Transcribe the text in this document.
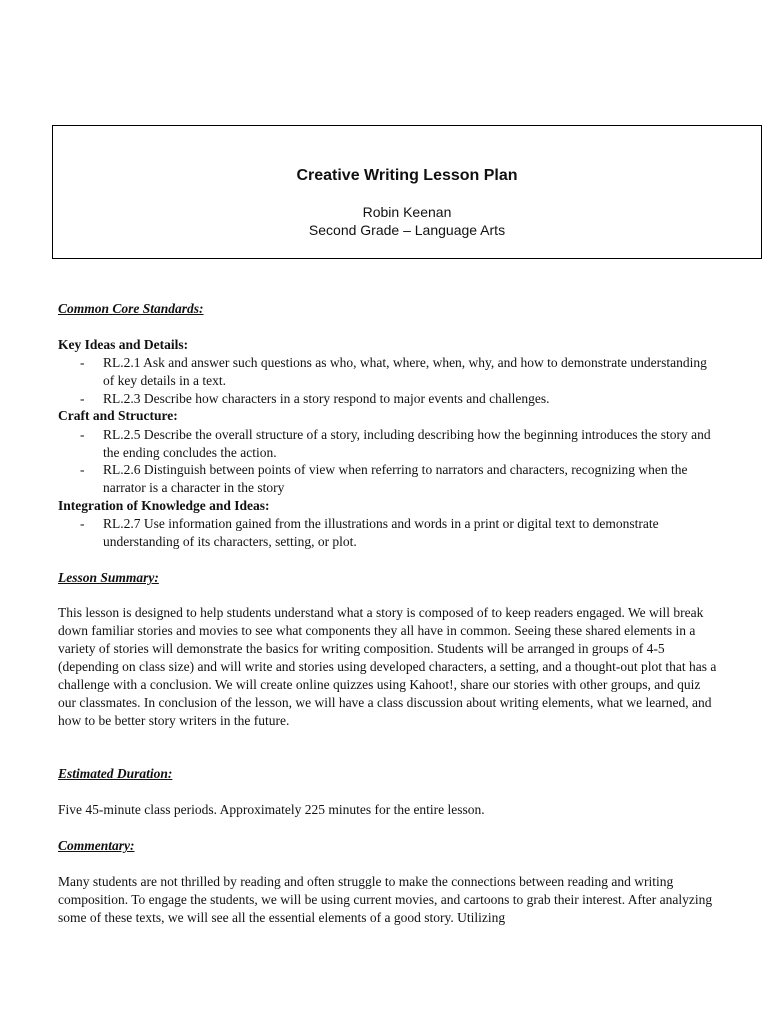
Creative Writing Lesson Plan
Robin Keenan
Second Grade – Language Arts
Common Core Standards:
Key Ideas and Details:
-	RL.2.1 Ask and answer such questions as who, what, where, when, why, and how to demonstrate understanding of key details in a text.
-	RL.2.3 Describe how characters in a story respond to major events and challenges.
Craft and Structure:
-	RL.2.5 Describe the overall structure of a story, including describing how the beginning introduces the story and the ending concludes the action.
-	RL.2.6 Distinguish between points of view when referring to narrators and characters, recognizing when the narrator is a character in the story
Integration of Knowledge and Ideas:
-	RL.2.7 Use information gained from the illustrations and words in a print or digital text to demonstrate understanding of its characters, setting, or plot.
Lesson Summary:
This lesson is designed to help students understand what a story is composed of to keep readers engaged. We will break down familiar stories and movies to see what components they all have in common. Seeing these shared elements in a variety of stories will demonstrate the basics for writing composition. Students will be arranged in groups of 4-5 (depending on class size) and will write and stories using developed characters, a setting, and a thought-out plot that has a challenge with a conclusion. We will create online quizzes using Kahoot!, share our stories with other groups, and quiz our classmates. In conclusion of the lesson, we will have a class discussion about writing elements, what we learned, and how to be better story writers in the future.
Estimated Duration:
Five 45-minute class periods. Approximately 225 minutes for the entire lesson.
Commentary:
Many students are not thrilled by reading and often struggle to make the connections between reading and writing composition. To engage the students, we will be using current movies, and cartoons to grab their interest. After analyzing some of these texts, we will see all the essential elements of a good story. Utilizing
